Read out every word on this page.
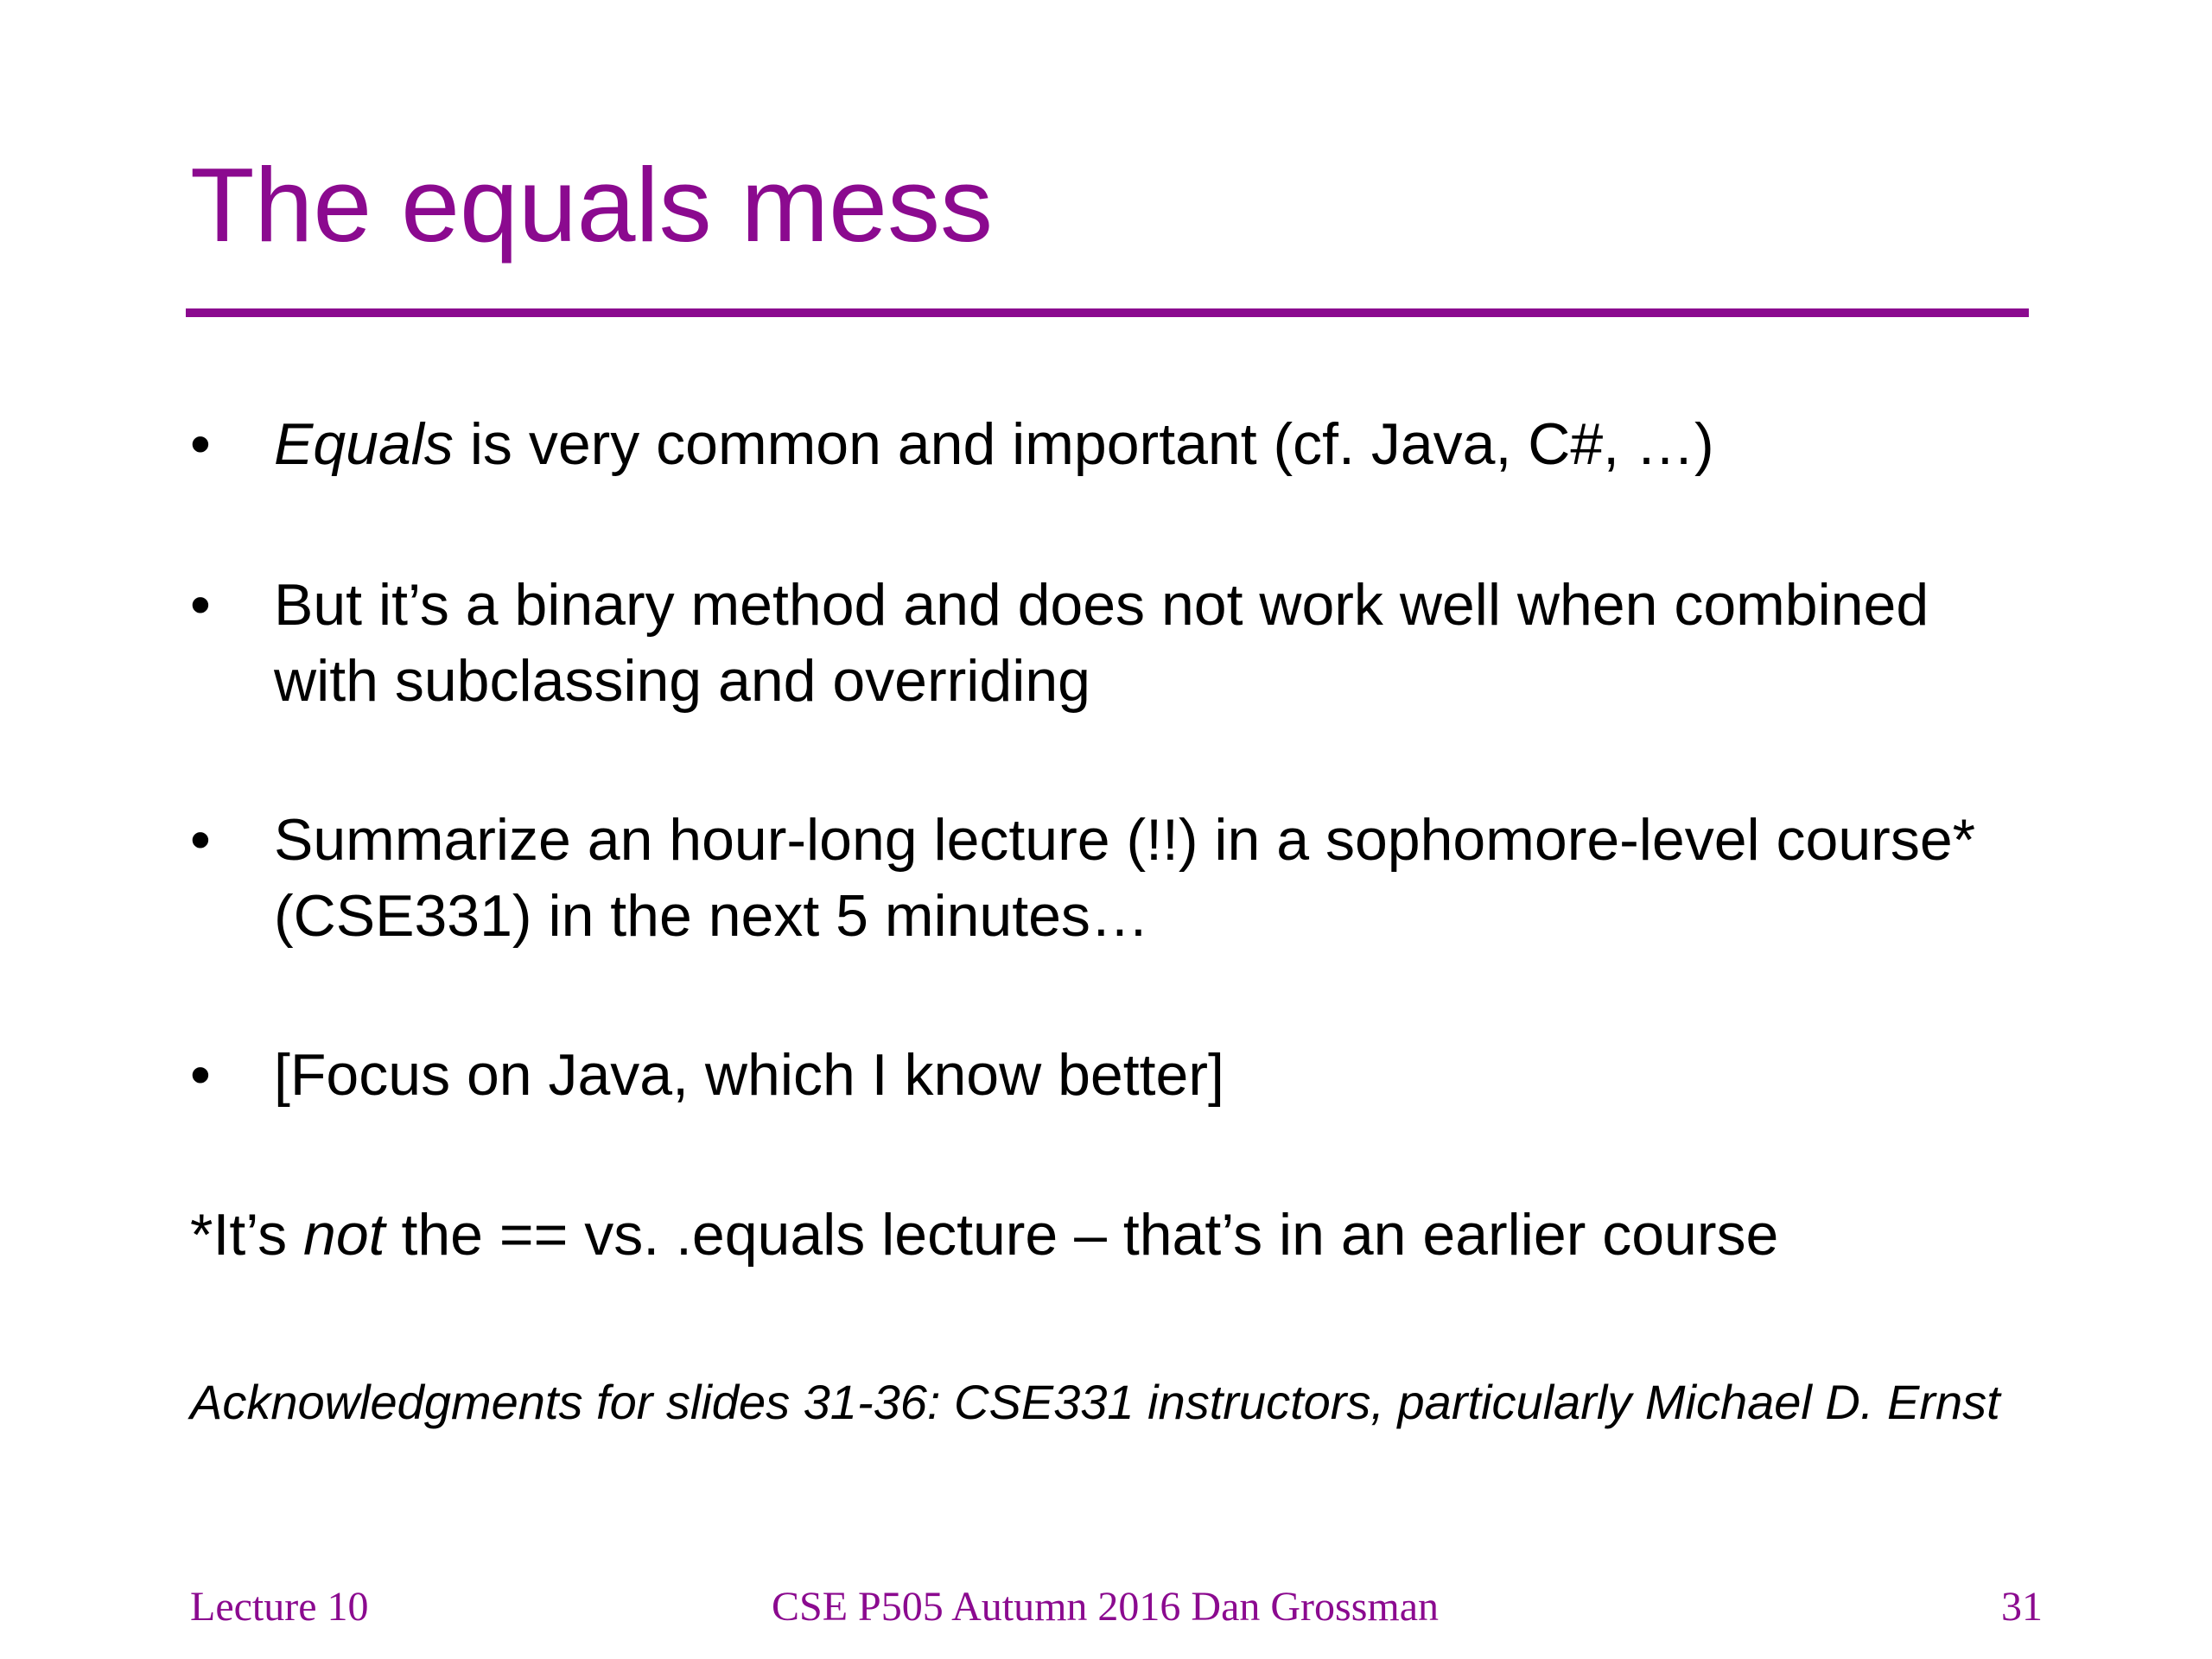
The equals mess
•	Equals is very common and important (cf. Java, C#, …)
•	But it’s a binary method and does not work well when combined
with subclassing and overriding
•	Summarize an hour-long lecture (!!) in a sophomore-level course*
(CSE331) in the next 5 minutes…
•	[Focus on Java, which I know better]
*It’s not the == vs. .equals lecture – that’s in an earlier course
Acknowledgments for slides 31-36: CSE331 instructors, particularly Michael D. Ernst
Lecture 10	CSE P505 Autumn 2016 Dan Grossman	31
